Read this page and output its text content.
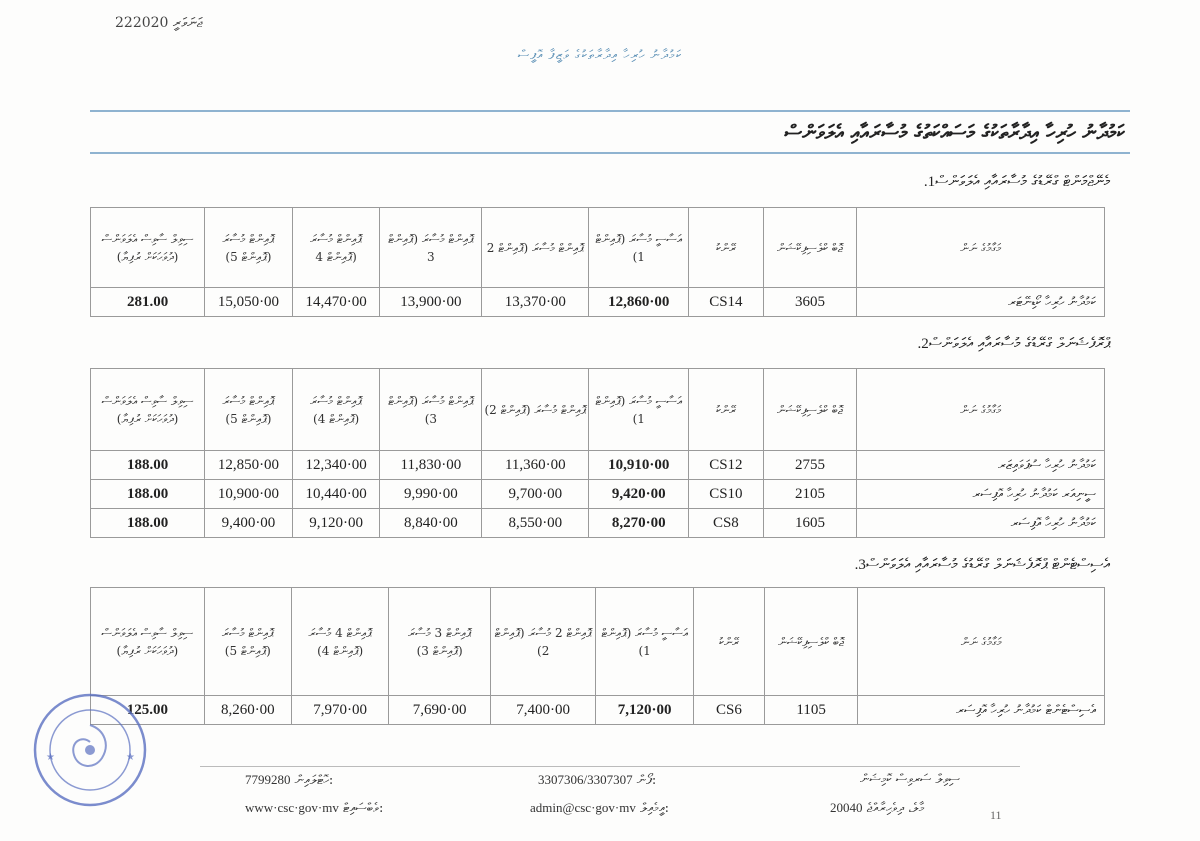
22ޖަނަވަރީ 2020
ކަމުދާނު ހުރިހާ އިދާރާތަކުގެ ވަޒީފާ އޮފީސް
ކަމުދާނު ހުރިހާ އިދާރާތަކުގެ މަސައްކަތުގެ މުސާރައާއި އެލަވަންސް
މެނޭޖްމަންޓް ގްރޭޑުގެ މުސާރައާއި އެލަވަންސް1.
ސިވިލް ސާވިސް އެލަވަންސް (ދުވަހަކަށް ރުފިޔާ)	ޕޮއިންޓް މުސާރަ (ޕޮއިންޓް 5)	ޕޮއިންޓް މުސާރަ (ޕޮއިންޓް 4	ޕޮއިންޓް މުސާރަ (ޕޮއިންޓް 3	ޕޮއިންޓް މުސާރަ (ޕޮއިންޓް 2	އަސާސީ މުސާރަ (ޕޮއިންޓް 1)	ރޭންކު	ޖޮބް ކްލެސިފިކޭޝަން	މަގާމުގެ ނަން
281.00	15,050·00	14,470·00	13,900·00	13,370·00	12,860·00	CS14	3605	ކަމުދާނު ހުރިހާ ކޯޑިނޭޓަރ
ޕްރޮފެޝަނަލް ގްރޭޑުގެ މުސާރައާއި އެލަވަންސް2.
ސިވިލް ސާވިސް އެލަވަންސް (ދުވަހަކަށް ރުފިޔާ)	ޕޮއިންޓް މުސާރަ (ޕޮއިންޓް 5)	ޕޮއިންޓް މުސާރަ (ޕޮއިންޓް 4)	ޕޮއިންޓް މުސާރަ (ޕޮއިންޓް 3)	ޕޮއިންޓް މުސާރަ (ޕޮއިންޓް 2)	އަސާސީ މުސާރަ (ޕޮއިންޓް 1)	ރޭންކު	ޖޮބް ކްލެސިފިކޭޝަން	މަގާމުގެ ނަން
188.00	12,850·00	12,340·00	11,830·00	11,360·00	10,910·00	CS12	2755	ކަމުދާނު ހުރިހާ ސުޕަވައިޒަރ
188.00	10,900·00	10,440·00	9,990·00	9,700·00	9,420·00	CS10	2105	ސީނިއަރ ކަމުދާނު ހުރިހާ އޮފިސަރ
188.00	9,400·00	9,120·00	8,840·00	8,550·00	8,270·00	CS8	1605	ކަމުދާނު ހުރިހާ އޮފިސަރ
އެސިސްޓެންޓް ޕްރޮފެޝަނަލް ގްރޭޑުގެ މުސާރައާއި އެލަވަންސް3.
ސިވިލް ސާވިސް އެލަވަންސް (ދުވަހަކަށް ރުފިޔާ)	ޕޮއިންޓް މުސާރަ (ޕޮއިންޓް 5)	ޕޮއިންޓް 4 މުސާރަ (ޕޮއިންޓް 4)	ޕޮއިންޓް 3 މުސާރަ (ޕޮއިންޓް 3)	ޕޮއިންޓް 2 މުސާރަ (ޕޮއިންޓް 2)	އަސާސީ މުސާރަ (ޕޮއިންޓް 1)	ރޭންކު	ޖޮބް ކްލެސިފިކޭޝަން	މަގާމުގެ ނަން
125.00	8,260·00	7,970·00	7,690·00	7,400·00	7,120·00	CS6	1105	އެސިސްޓެންޓް ކަމުދާނު ހުރިހާ އޮފިސަރ
★	★
ސިވިލް ސަރވިސް ކޮމިޝަން
20040 މާލެ، ދިވެހިރާއްޖެ
3307306/3307307 ފޯން:
admin@csc·gov·mv އީމެއިލް:
7799280 ހޮޓްލައިން:
www·csc·gov·mv ވެބްސައިޓް:	11
